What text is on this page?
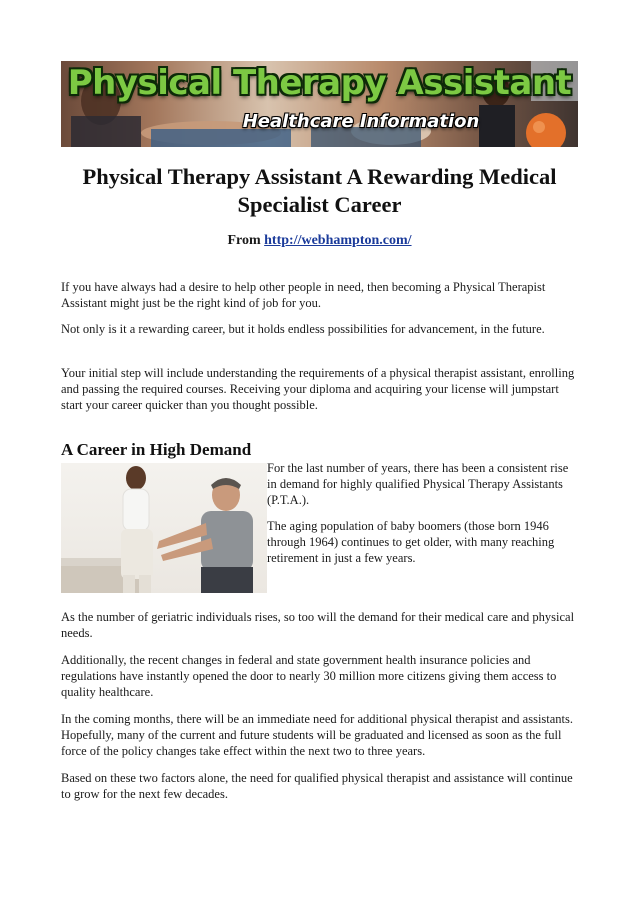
Physical Therapy Assistant
Healthcare Information
Physical Therapy Assistant A Rewarding Medical Specialist Career
From http://webhampton.com/

If you have always had a desire to help other people in need, then becoming a Physical Therapist Assistant might just be the right kind of job for you.

Not only is it a rewarding career, but it holds endless possibilities for advancement, in the future.

Your initial step will include understanding the requirements of a physical therapist assistant, enrolling and passing the required courses. Receiving your diploma and acquiring your license will jumpstart start your career quicker than you thought possible.

A Career in High Demand

For the last number of years, there has been a consistent rise in demand for highly qualified Physical Therapy Assistants (P.T.A.).

The aging population of baby boomers (those born 1946 through 1964) continues to get older, with many reaching retirement in just a few years.

As the number of geriatric individuals rises, so too will the demand for their medical care and physical needs.

Additionally, the recent changes in federal and state government health insurance policies and regulations have instantly opened the door to nearly 30 million more citizens giving them access to quality healthcare.

In the coming months, there will be an immediate need for additional physical therapist and assistants. Hopefully, many of the current and future students will be graduated and licensed as soon as the full force of the policy changes take effect within the next two to three years.

Based on these two factors alone, the need for qualified physical therapist and assistance will continue to grow for the next few decades.
